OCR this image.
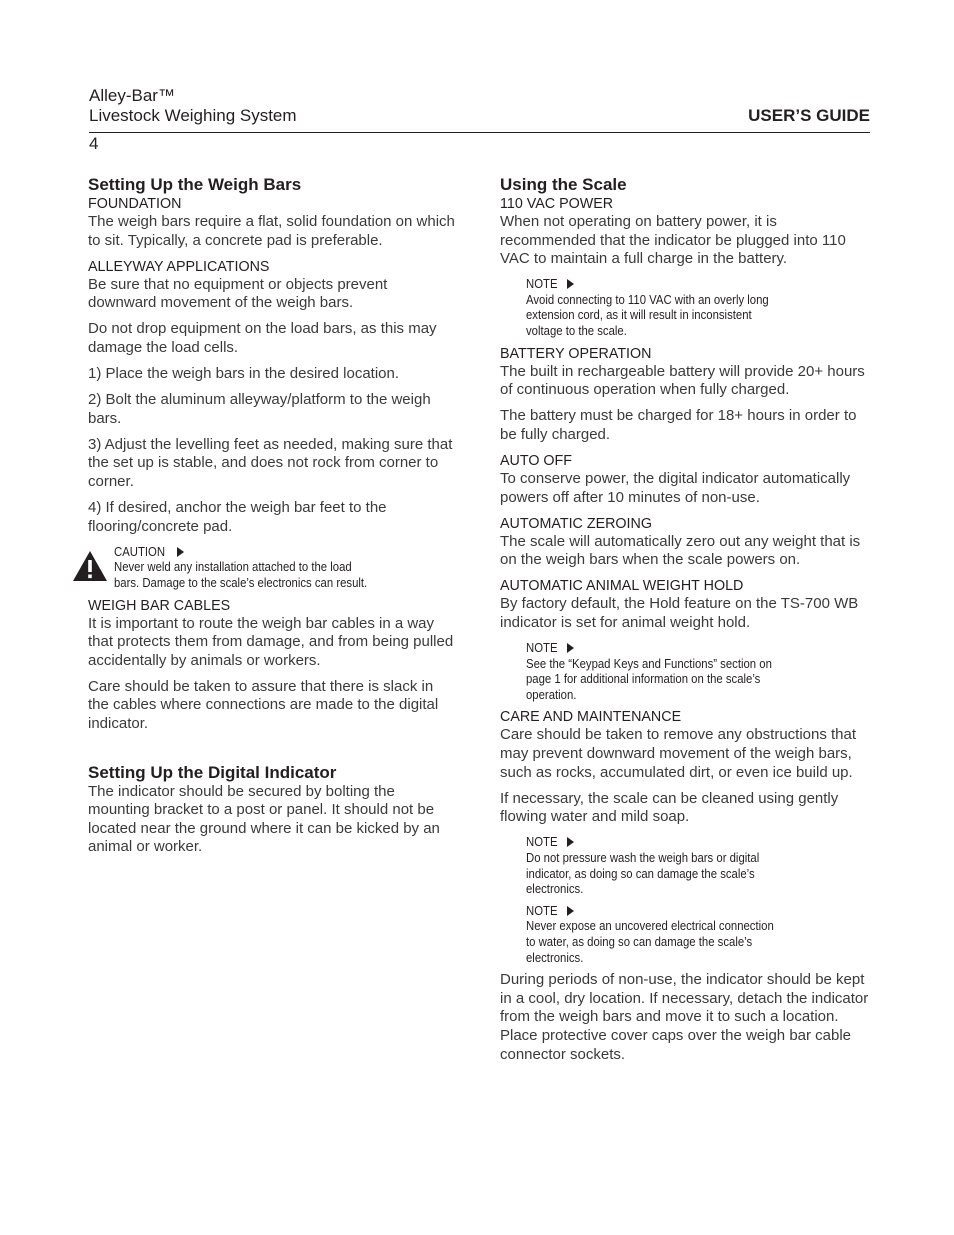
Alley-Bar™
Livestock Weighing System	USER’S GUIDE
4
Setting Up the Weigh Bars
FOUNDATION

The weigh bars require a flat, solid foundation on which to sit. Typically, a concrete pad is preferable.

ALLEYWAY APPLICATIONS

Be sure that no equipment or objects prevent downward movement of the weigh bars.

Do not drop equipment on the load bars, as this may damage the load cells.

1) Place the weigh bars in the desired location.

2) Bolt the aluminum alleyway/platform to the weigh bars.

3) Adjust the levelling feet as needed, making sure that the set up is stable, and does not rock from corner to corner.

4) If desired, anchor the weigh bar feet to the flooring/concrete pad.

CAUTION
Never weld any installation attached to the load
bars. Damage to the scale’s electronics can result.
WEIGH BAR CABLES

It is important to route the weigh bar cables in a way that protects them from damage, and from being pulled accidentally by animals or workers.

Care should be taken to assure that there is slack in the cables where connections are made to the digital indicator.

Setting Up the Digital Indicator

The indicator should be secured by bolting the mounting bracket to a post or panel. It should not be located near the ground where it can be kicked by an animal or worker.

Using the Scale
110 VAC POWER

When not operating on battery power, it is recommended that the indicator be plugged into 110 VAC to maintain a full charge in the battery.

NOTE
Avoid connecting to 110 VAC with an overly long
extension cord, as it will result in inconsistent
voltage to the scale.
BATTERY OPERATION

The built in rechargeable battery will provide 20+ hours of continuous operation when fully charged.

The battery must be charged for 18+ hours in order to be fully charged.

AUTO OFF

To conserve power, the digital indicator automatically powers off after 10 minutes of non-use.

AUTOMATIC ZEROING

The scale will automatically zero out any weight that is on the weigh bars when the scale powers on.

AUTOMATIC ANIMAL WEIGHT HOLD

By factory default, the Hold feature on the TS-700 WB indicator is set for animal weight hold.

NOTE
See the “Keypad Keys and Functions” section on
page 1 for additional information on the scale’s
operation.
CARE AND MAINTENANCE

Care should be taken to remove any obstructions that may prevent downward movement of the weigh bars, such as rocks, accumulated dirt, or even ice build up.

If necessary, the scale can be cleaned using gently flowing water and mild soap.

NOTE
Do not pressure wash the weigh bars or digital
indicator, as doing so can damage the scale’s
electronics.
NOTE
Never expose an uncovered electrical connection
to water, as doing so can damage the scale’s
electronics.

During periods of non-use, the indicator should be kept in a cool, dry location. If necessary, detach the indicator from the weigh bars and move it to such a location. Place protective cover caps over the weigh bar cable connector sockets.
